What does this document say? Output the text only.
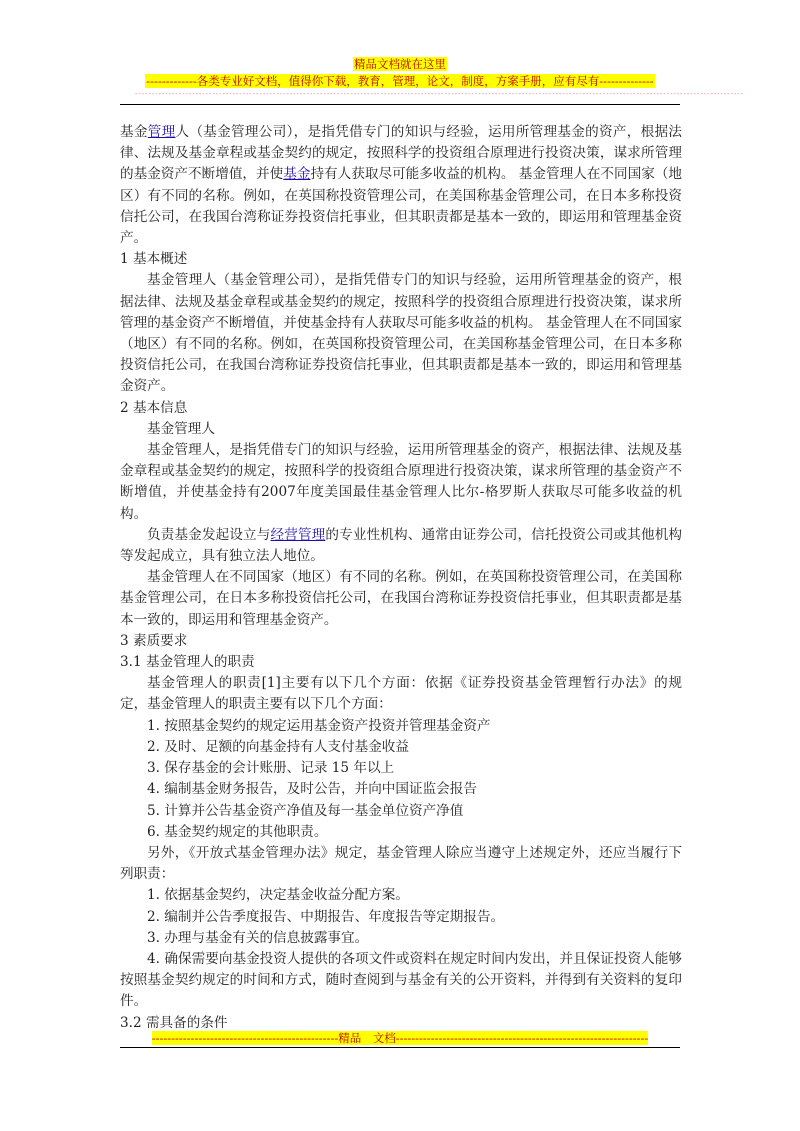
精品文档就在这里
-------------各类专业好文档，值得你下载，教育，管理，论文，制度，方案手册，应有尽有--------------
-------------------------------------------------------------------------------------------------------------------------------------------------------------------------------------

基金管理人（基金管理公司），是指凭借专门的知识与经验，运用所管理基金的资产，根据法律、法规及基金章程或基金契约的规定，按照科学的投资组合原理进行投资决策，谋求所管理的基金资产不断增值，并使基金持有人获取尽可能多收益的机构。 基金管理人在不同国家（地区）有不同的名称。例如，在英国称投资管理公司，在美国称基金管理公司，在日本多称投资信托公司，在我国台湾称证券投资信托事业，但其职责都是基本一致的，即运用和管理基金资产。

1 基本概述

基金管理人（基金管理公司），是指凭借专门的知识与经验，运用所管理基金的资产，根据法律、法规及基金章程或基金契约的规定，按照科学的投资组合原理进行投资决策，谋求所管理的基金资产不断增值，并使基金持有人获取尽可能多收益的机构。 基金管理人在不同国家（地区）有不同的名称。例如，在英国称投资管理公司，在美国称基金管理公司，在日本多称投资信托公司，在我国台湾称证券投资信托事业，但其职责都是基本一致的，即运用和管理基金资产。

2 基本信息

基金管理人

基金管理人，是指凭借专门的知识与经验，运用所管理基金的资产，根据法律、法规及基金章程或基金契约的规定，按照科学的投资组合原理进行投资决策，谋求所管理的基金资产不断增值，并使基金持有2007年度美国最佳基金管理人比尔-格罗斯人获取尽可能多收益的机构。

负责基金发起设立与经营管理的专业性机构、通常由证券公司，信托投资公司或其他机构等发起成立，具有独立法人地位。

基金管理人在不同国家（地区）有不同的名称。例如，在英国称投资管理公司，在美国称基金管理公司，在日本多称投资信托公司，在我国台湾称证券投资信托事业，但其职责都是基本一致的，即运用和管理基金资产。

3 素质要求

3.1 基金管理人的职责

基金管理人的职责[1]主要有以下几个方面：依据《证券投资基金管理暂行办法》的规定，基金管理人的职责主要有以下几个方面：

1. 按照基金契约的规定运用基金资产投资并管理基金资产

2. 及时、足额的向基金持有人支付基金收益

3. 保存基金的会计账册、记录 15 年以上

4. 编制基金财务报告，及时公告，并向中国证监会报告

5. 计算并公告基金资产净值及每一基金单位资产净值

6. 基金契约规定的其他职责。

另外，《开放式基金管理办法》规定，基金管理人除应当遵守上述规定外，还应当履行下列职责：

1. 依据基金契约，决定基金收益分配方案。

2. 编制并公告季度报告、中期报告、年度报告等定期报告。

3. 办理与基金有关的信息披露事宜。

4. 确保需要向基金投资人提供的各项文件或资料在规定时间内发出，并且保证投资人能够按照基金契约规定的时间和方式，随时查阅到与基金有关的公开资料，并得到有关资料的复印件。

3.2 需具备的条件

------------------------------------------------精品　文档-----------------------------------------------------------------
